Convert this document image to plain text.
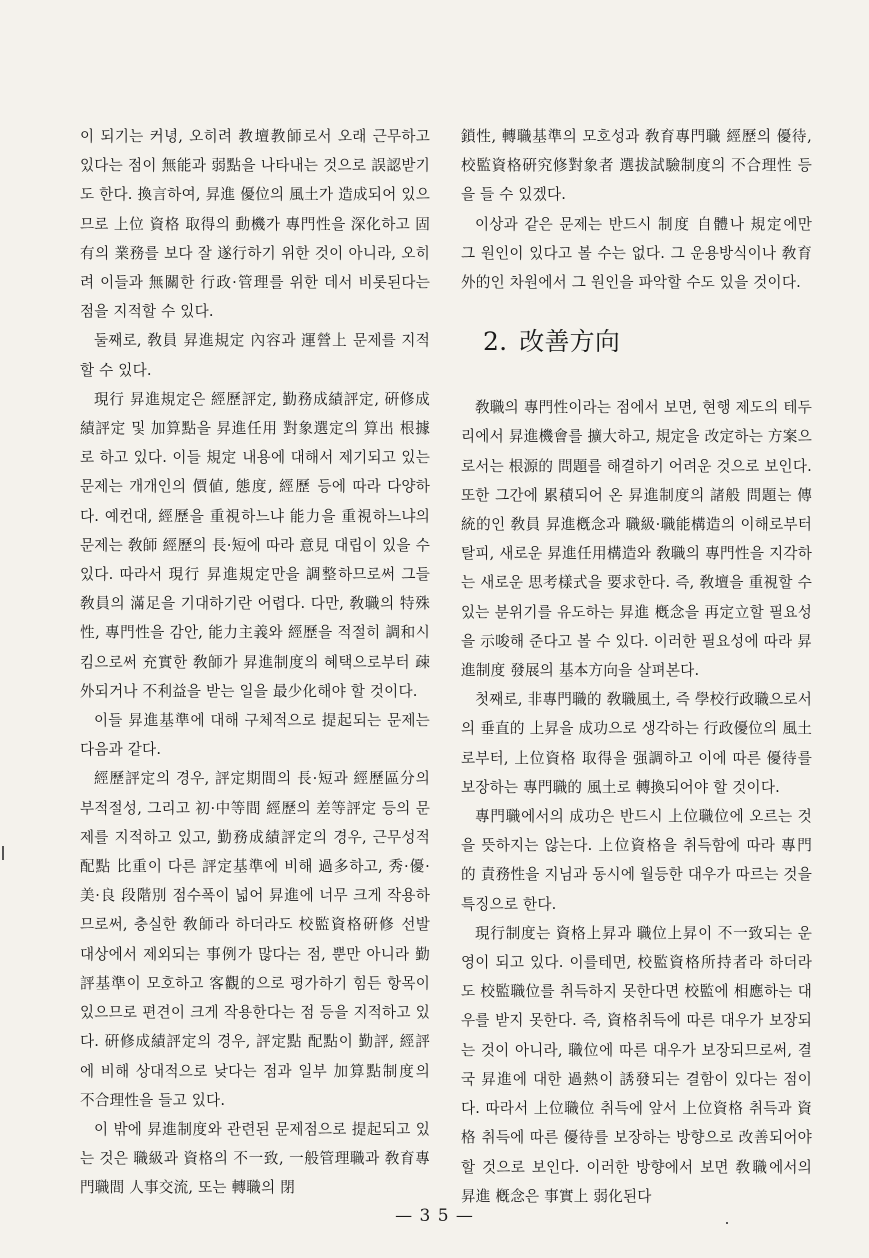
이 되기는 커녕, 오히려 教壇教師로서 오래 근무하고 있다는 점이 無能과 弱點을 나타내는 것으로 誤認받기도 한다. 換言하여, 昇進 優位의 風土가 造成되어 있으므로 上位 資格 取得의 動機가 專門性을 深化하고 固有의 業務를 보다 잘 遂行하기 위한 것이 아니라, 오히려 이들과 無關한 行政·管理를 위한 데서 비롯된다는 점을 지적할 수 있다.

둘째로, 敎員 昇進規定 內容과 運營上 문제를 지적할 수 있다.

現行 昇進規定은 經歷評定, 勤務成績評定, 硏修成績評定 및 加算點을 昇進任用 對象選定의 算出 根據로 하고 있다. 이들 規定 내용에 대해서 제기되고 있는 문제는 개개인의 價値, 態度, 經歷 등에 따라 다양하다. 예컨대, 經歷을 重視하느냐 能力을 重視하느냐의 문제는 敎師 經歷의 長·短에 따라 意見 대립이 있을 수 있다. 따라서 現行 昇進規定만을 調整하므로써 그들 敎員의 滿足을 기대하기란 어렵다. 다만, 敎職의 特殊性, 專門性을 감안, 能力主義와 經歷을 적절히 調和시킴으로써 充實한 敎師가 昇進制度의 혜택으로부터 疎外되거나 不利益을 받는 일을 最少化해야 할 것이다.

이들 昇進基準에 대해 구체적으로 提起되는 문제는 다음과 같다.

經歷評定의 경우, 評定期間의 長·短과 經歷區分의 부적절성, 그리고 初·中等間 經歷의 差等評定 등의 문제를 지적하고 있고, 勤務成績評定의 경우, 근무성적 配點 比重이 다른 評定基準에 비해 過多하고, 秀·優·美·良 段階別 점수폭이 넓어 昇進에 너무 크게 작용하므로써, 충실한 敎師라 하더라도 校監資格硏修 선발 대상에서 제외되는 事例가 많다는 점, 뿐만 아니라 勤評基準이 모호하고 客觀的으로 평가하기 힘든 항목이 있으므로 편견이 크게 작용한다는 점 등을 지적하고 있다. 硏修成績評定의 경우, 評定點 配點이 勤評, 經評에 비해 상대적으로 낮다는 점과 일부 加算點制度의 不合理性을 들고 있다.

이 밖에 昇進制度와 관련된 문제점으로 提起되고 있는 것은 職級과 資格의 不一致, 一般管理職과 敎育專門職間 人事交流, 또는 轉職의 閉

鎖性, 轉職基準의 모호성과 敎育專門職 經歷의 優待, 校監資格硏究修對象者 選拔試驗制度의 不合理性 등을 들 수 있겠다.

이상과 같은 문제는 반드시 制度 自體나 規定에만 그 원인이 있다고 볼 수는 없다. 그 운용방식이나 敎育 外的인 차원에서 그 원인을 파악할 수도 있을 것이다.

2. 改善方向

敎職의 專門性이라는 점에서 보면, 현행 제도의 테두리에서 昇進機會를 擴大하고, 規定을 改定하는 方案으로서는 根源的 問題를 해결하기 어려운 것으로 보인다. 또한 그간에 累積되어 온 昇進制度의 諸般 問題는 傳統的인 敎員 昇進槪念과 職級·職能構造의 이해로부터 탈피, 새로운 昇進任用構造와 敎職의 專門性을 지각하는 새로운 思考樣式을 要求한다. 즉, 敎壇을 重視할 수 있는 분위기를 유도하는 昇進 槪念을 再定立할 필요성을 示唆해 준다고 볼 수 있다. 이러한 필요성에 따라 昇進制度 發展의 基本方向을 살펴본다.

첫째로, 非專門職的 敎職風土, 즉 學校行政職으로서의 垂直的 上昇을 成功으로 생각하는 行政優位의 風土로부터, 上位資格 取得을 强調하고 이에 따른 優待를 보장하는 專門職的 風土로 轉換되어야 할 것이다.

專門職에서의 成功은 반드시 上位職位에 오르는 것을 뜻하지는 않는다. 上位資格을 취득함에 따라 專門的 責務性을 지님과 동시에 월등한 대우가 따르는 것을 특징으로 한다.

現行制度는 資格上昇과 職位上昇이 不一致되는 운영이 되고 있다. 이를테면, 校監資格所持者라 하더라도 校監職位를 취득하지 못한다면 校監에 相應하는 대우를 받지 못한다. 즉, 資格취득에 따른 대우가 보장되는 것이 아니라, 職位에 따른 대우가 보장되므로써, 결국 昇進에 대한 過熱이 誘發되는 결함이 있다는 점이다. 따라서 上位職位 취득에 앞서 上位資格 취득과 資格 취득에 따른 優待를 보장하는 방향으로 改善되어야 할 것으로 보인다. 이러한 방향에서 보면 敎職에서의 昇進 槪念은 事實上 弱化된다

— 3 5 —
